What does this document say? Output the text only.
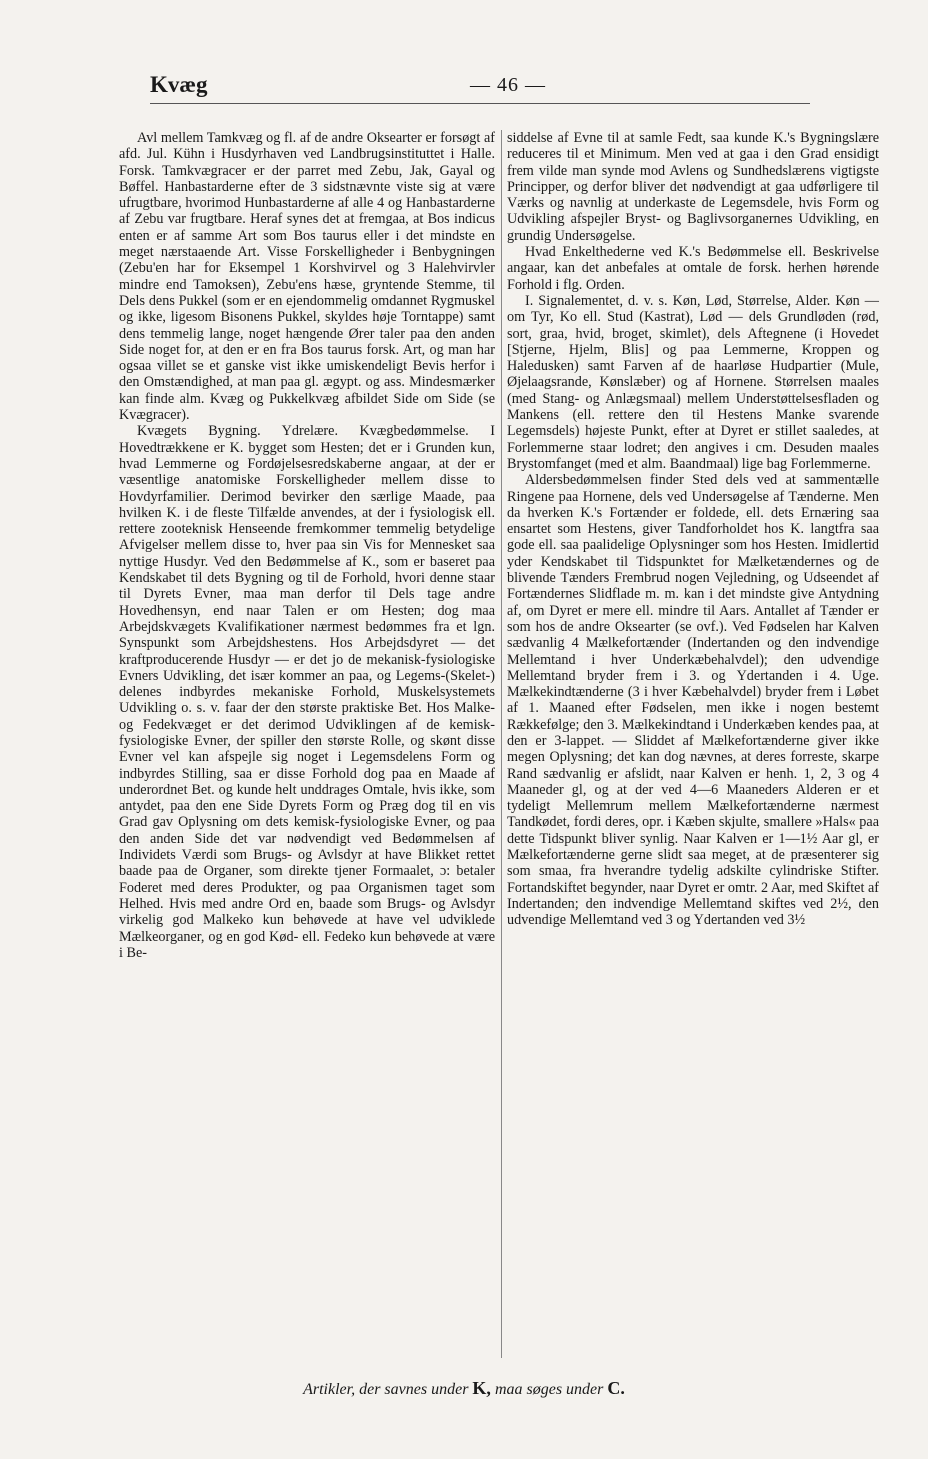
Kvæg	— 46 —

Avl mellem Tamkvæg og fl. af de andre Oksearter er forsøgt af afd. Jul. Kühn i Husdyrhaven ved Landbrugsinstituttet i Halle. Forsk. Tamkvægracer er der parret med Zebu, Jak, Gayal og Bøffel. Hanbastarderne efter de 3 sidstnævnte viste sig at være ufrugtbare, hvorimod Hunbastarderne af alle 4 og Hanbastarderne af Zebu var frugtbare. Heraf synes det at fremgaa, at Bos indicus enten er af samme Art som Bos taurus eller i det mindste en meget nærstaaende Art. Visse Forskelligheder i Benbygningen (Zebu'en har for Eksempel 1 Korshvirvel og 3 Halehvirvler mindre end Tamoksen), Zebu'ens hæse, gryntende Stemme, til Dels dens Pukkel (som er en ejendommelig omdannet Rygmuskel og ikke, ligesom Bisonens Pukkel, skyldes høje Torntappe) samt dens temmelig lange, noget hængende Ører taler paa den anden Side noget for, at den er en fra Bos taurus forsk. Art, og man har ogsaa villet se et ganske vist ikke umiskendeligt Bevis herfor i den Omstændighed, at man paa gl. ægypt. og ass. Mindesmærker kan finde alm. Kvæg og Pukkelkvæg afbildet Side om Side (se Kvægracer).

Kvægets Bygning. Ydrelære. Kvægbedømmelse. I Hovedtrækkene er K. bygget som Hesten; det er i Grunden kun, hvad Lemmerne og Fordøjelsesredskaberne angaar, at der er væsentlige anatomiske Forskelligheder mellem disse to Hovdyrfamilier. Derimod bevirker den særlige Maade, paa hvilken K. i de fleste Tilfælde anvendes, at der i fysiologisk ell. rettere zooteknisk Henseende fremkommer temmelig betydelige Afvigelser mellem disse to, hver paa sin Vis for Mennesket saa nyttige Husdyr. Ved den Bedømmelse af K., som er baseret paa Kendskabet til dets Bygning og til de Forhold, hvori denne staar til Dyrets Evner, maa man derfor til Dels tage andre Hovedhensyn, end naar Talen er om Hesten; dog maa Arbejdskvægets Kvalifikationer nærmest bedømmes fra et lgn. Synspunkt som Arbejdshestens. Hos Arbejdsdyret — det kraftproducerende Husdyr — er det jo de mekanisk-fysiologiske Evners Udvikling, det især kommer an paa, og Legems-(Skelet-) delenes indbyrdes mekaniske Forhold, Muskelsystemets Udvikling o. s. v. faar der den største praktiske Bet. Hos Malke- og Fedekvæget er det derimod Udviklingen af de kemisk-fysiologiske Evner, der spiller den største Rolle, og skønt disse Evner vel kan afspejle sig noget i Legemsdelens Form og indbyrdes Stilling, saa er disse Forhold dog paa en Maade af underordnet Bet. og kunde helt unddrages Omtale, hvis ikke, som antydet, paa den ene Side Dyrets Form og Præg dog til en vis Grad gav Oplysning om dets kemisk-fysiologiske Evner, og paa den anden Side det var nødvendigt ved Bedømmelsen af Individets Værdi som Brugs- og Avlsdyr at have Blikket rettet baade paa de Organer, som direkte tjener Formaalet, ɔ: betaler Foderet med deres Produkter, og paa Organismen taget som Helhed. Hvis med andre Ord en, baade som Brugs- og Avlsdyr virkelig god Malkeko kun behøvede at have vel udviklede Mælkeorganer, og en god Kød- ell. Fedeko kun behøvede at være i Be-

siddelse af Evne til at samle Fedt, saa kunde K.'s Bygningslære reduceres til et Minimum. Men ved at gaa i den Grad ensidigt frem vilde man synde mod Avlens og Sundhedslærens vigtigste Principper, og derfor bliver det nødvendigt at gaa udførligere til Værks og navnlig at underkaste de Legemsdele, hvis Form og Udvikling afspejler Bryst- og Baglivsorganernes Udvikling, en grundig Undersøgelse.

Hvad Enkelthederne ved K.'s Bedømmelse ell. Beskrivelse angaar, kan det anbefales at omtale de forsk. herhen hørende Forhold i flg. Orden.

I. Signalementet, d. v. s. Køn, Lød, Størrelse, Alder. Køn — om Tyr, Ko ell. Stud (Kastrat), Lød — dels Grundløden (rød, sort, graa, hvid, broget, skimlet), dels Aftegnene (i Hovedet [Stjerne, Hjelm, Blis] og paa Lemmerne, Kroppen og Haledusken) samt Farven af de haarløse Hudpartier (Mule, Øjelaagsrande, Kønslæber) og af Hornene. Størrelsen maales (med Stang- og Anlægsmaal) mellem Understøttelsesfladen og Mankens (ell. rettere den til Hestens Manke svarende Legemsdels) højeste Punkt, efter at Dyret er stillet saaledes, at Forlemmerne staar lodret; den angives i cm. Desuden maales Brystomfanget (med et alm. Baandmaal) lige bag Forlemmerne.

Aldersbedømmelsen finder Sted dels ved at sammentælle Ringene paa Hornene, dels ved Undersøgelse af Tænderne. Men da hverken K.'s Fortænder er foldede, ell. dets Ernæring saa ensartet som Hestens, giver Tandforholdet hos K. langtfra saa gode ell. saa paalidelige Oplysninger som hos Hesten. Imidlertid yder Kendskabet til Tidspunktet for Mælketændernes og de blivende Tænders Frembrud nogen Vejledning, og Udseendet af Fortændernes Slidflade m. m. kan i det mindste give Antydning af, om Dyret er mere ell. mindre til Aars. Antallet af Tænder er som hos de andre Oksearter (se ovf.). Ved Fødselen har Kalven sædvanlig 4 Mælkefortænder (Indertanden og den indvendige Mellemtand i hver Underkæbehalvdel); den udvendige Mellemtand bryder frem i 3. og Ydertanden i 4. Uge. Mælkekindtænderne (3 i hver Kæbehalvdel) bryder frem i Løbet af 1. Maaned efter Fødselen, men ikke i nogen bestemt Rækkefølge; den 3. Mælkekindtand i Underkæben kendes paa, at den er 3-lappet. — Sliddet af Mælkefortænderne giver ikke megen Oplysning; det kan dog nævnes, at deres forreste, skarpe Rand sædvanlig er afslidt, naar Kalven er henh. 1, 2, 3 og 4 Maaneder gl, og at der ved 4—6 Maaneders Alderen er et tydeligt Mellemrum mellem Mælkefortænderne nærmest Tandkødet, fordi deres, opr. i Kæben skjulte, smallere »Hals« paa dette Tidspunkt bliver synlig. Naar Kalven er 1—1½ Aar gl, er Mælkefortænderne gerne slidt saa meget, at de præsenterer sig som smaa, fra hverandre tydelig adskilte cylindriske Stifter. Fortandskiftet begynder, naar Dyret er omtr. 2 Aar, med Skiftet af Indertanden; den indvendige Mellemtand skiftes ved 2½, den udvendige Mellemtand ved 3 og Ydertanden ved 3½

Artikler, der savnes under K, maa søges under C.
